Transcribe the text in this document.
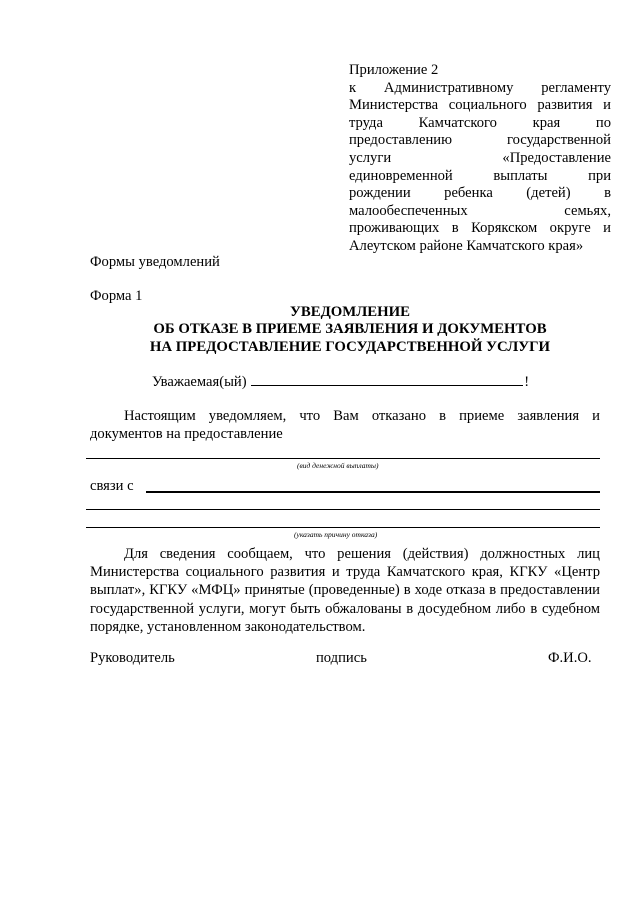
Приложение 2
к Административному регламенту
Министерства социального развития и
труда Камчатского края по
предоставлению государственной
услуги «Предоставление
единовременной выплаты при
рождении ребенка (детей) в
малообеспеченных семьях,
проживающих в Корякском округе и
Алеутском районе Камчатского края»
Формы уведомлений
Форма 1
УВЕДОМЛЕНИЕ
ОБ ОТКАЗЕ В ПРИЕМЕ ЗАЯВЛЕНИЯ И ДОКУМЕНТОВ
НА ПРЕДОСТАВЛЕНИЕ ГОСУДАРСТВЕННОЙ УСЛУГИ
Уважаемая(ый)	!
Настоящим уведомляем, что Вам отказано в приеме заявления и документов на предоставление
(вид денежной выплаты)
связи с
(указать причину отказа)
Для сведения сообщаем, что решения (действия) должностных лиц Министерства социального развития и труда Камчатского края, КГКУ «Центр выплат», КГКУ «МФЦ» принятые (проведенные) в ходе отказа в предоставлении государственной услуги, могут быть обжалованы в досудебном либо в судебном порядке, установленном законодательством.
Руководитель	подпись	Ф.И.О.
